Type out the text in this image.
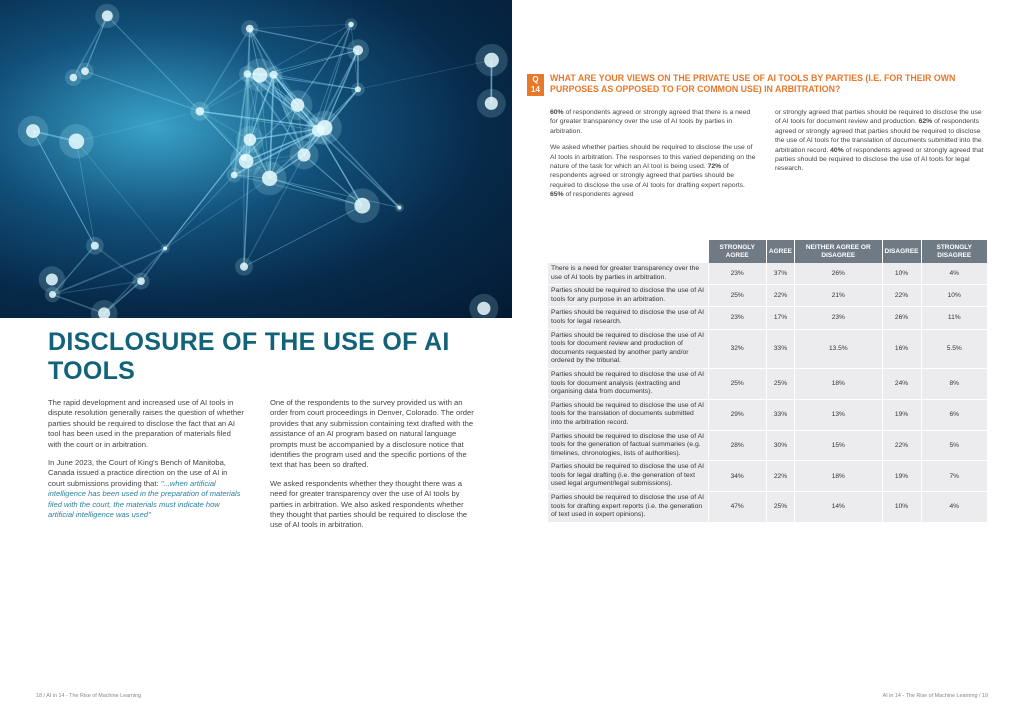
DISCLOSURE OF THE USE OF AI TOOLS

The rapid development and increased use of AI tools in dispute resolution generally raises the question of whether parties should be required to disclose the fact that an AI tool has been used in the preparation of materials filed with the court or in arbitration.

In June 2023, the Court of King's Bench of Manitoba, Canada issued a practice direction on the use of AI in court submissions providing that: "...when artificial intelligence has been used in the preparation of materials filed with the court, the materials must indicate how artificial intelligence was used"

One of the respondents to the survey provided us with an order from court proceedings in Denver, Colorado. The order provides that any submission containing text drafted with the assistance of an AI program based on natural language prompts must be accompanied by a disclosure notice that identifies the program used and the specific portions of the text that has been so drafted.

We asked respondents whether they thought there was a need for greater transparency over the use of AI tools by parties in arbitration. We also asked respondents whether they thought that parties should be required to disclose the use of AI tools in arbitration.

18 / AI in 14 - The Rise of Machine Learning
Q
14
WHAT ARE YOUR VIEWS ON THE PRIVATE USE OF AI TOOLS BY PARTIES (I.E. FOR THEIR OWN PURPOSES AS OPPOSED TO FOR COMMON USE) IN ARBITRATION?

60% of respondents agreed or strongly agreed that there is a need for greater transparency over the use of AI tools by parties in arbitration.

We asked whether parties should be required to disclose the use of AI tools in arbitration. The responses to this varied depending on the nature of the task for which an AI tool is being used. 72% of respondents agreed or strongly agreed that parties should be required to disclose the use of AI tools for drafting expert reports. 65% of respondents agreed

or strongly agreed that parties should be required to disclose the use of AI tools for document review and production. 62% of respondents agreed or strongly agreed that parties should be required to disclose the use of AI tools for the translation of documents submitted into the arbitration record. 40% of respondents agreed or strongly agreed that parties should be required to disclose the use of AI tools for legal research.

	STRONGLY AGREE	AGREE	NEITHER AGREE OR DISAGREE	DISAGREE	STRONGLY DISAGREE
There is a need for greater transparency over the use of AI tools by parties in arbitration.	23%	37%	26%	10%	4%
Parties should be required to disclose the use of AI tools for any purpose in an arbitration.	25%	22%	21%	22%	10%
Parties should be required to disclose the use of AI tools for legal research.	23%	17%	23%	26%	11%
Parties should be required to disclose the use of AI tools for document review and production of documents requested by another party and/or ordered by the tribunal.	32%	33%	13.5%	16%	5.5%
Parties should be required to disclose the use of AI tools for document analysis (extracting and organising data from documents).	25%	25%	18%	24%	8%
Parties should be required to disclose the use of AI tools for the translation of documents submitted into the arbitration record.	29%	33%	13%	19%	6%
Parties should be required to disclose the use of AI tools for the generation of factual summaries (e.g. timelines, chronologies, lists of authorities).	28%	30%	15%	22%	5%
Parties should be required to disclose the use of AI tools for legal drafting (i.e. the generation of text used legal argument/legal submissions).	34%	22%	18%	19%	7%
Parties should be required to disclose the use of AI tools for drafting expert reports (i.e. the generation of text used in expert opinions).	47%	25%	14%	10%	4%
AI in 14 - The Rise of Machine Learning / 19
